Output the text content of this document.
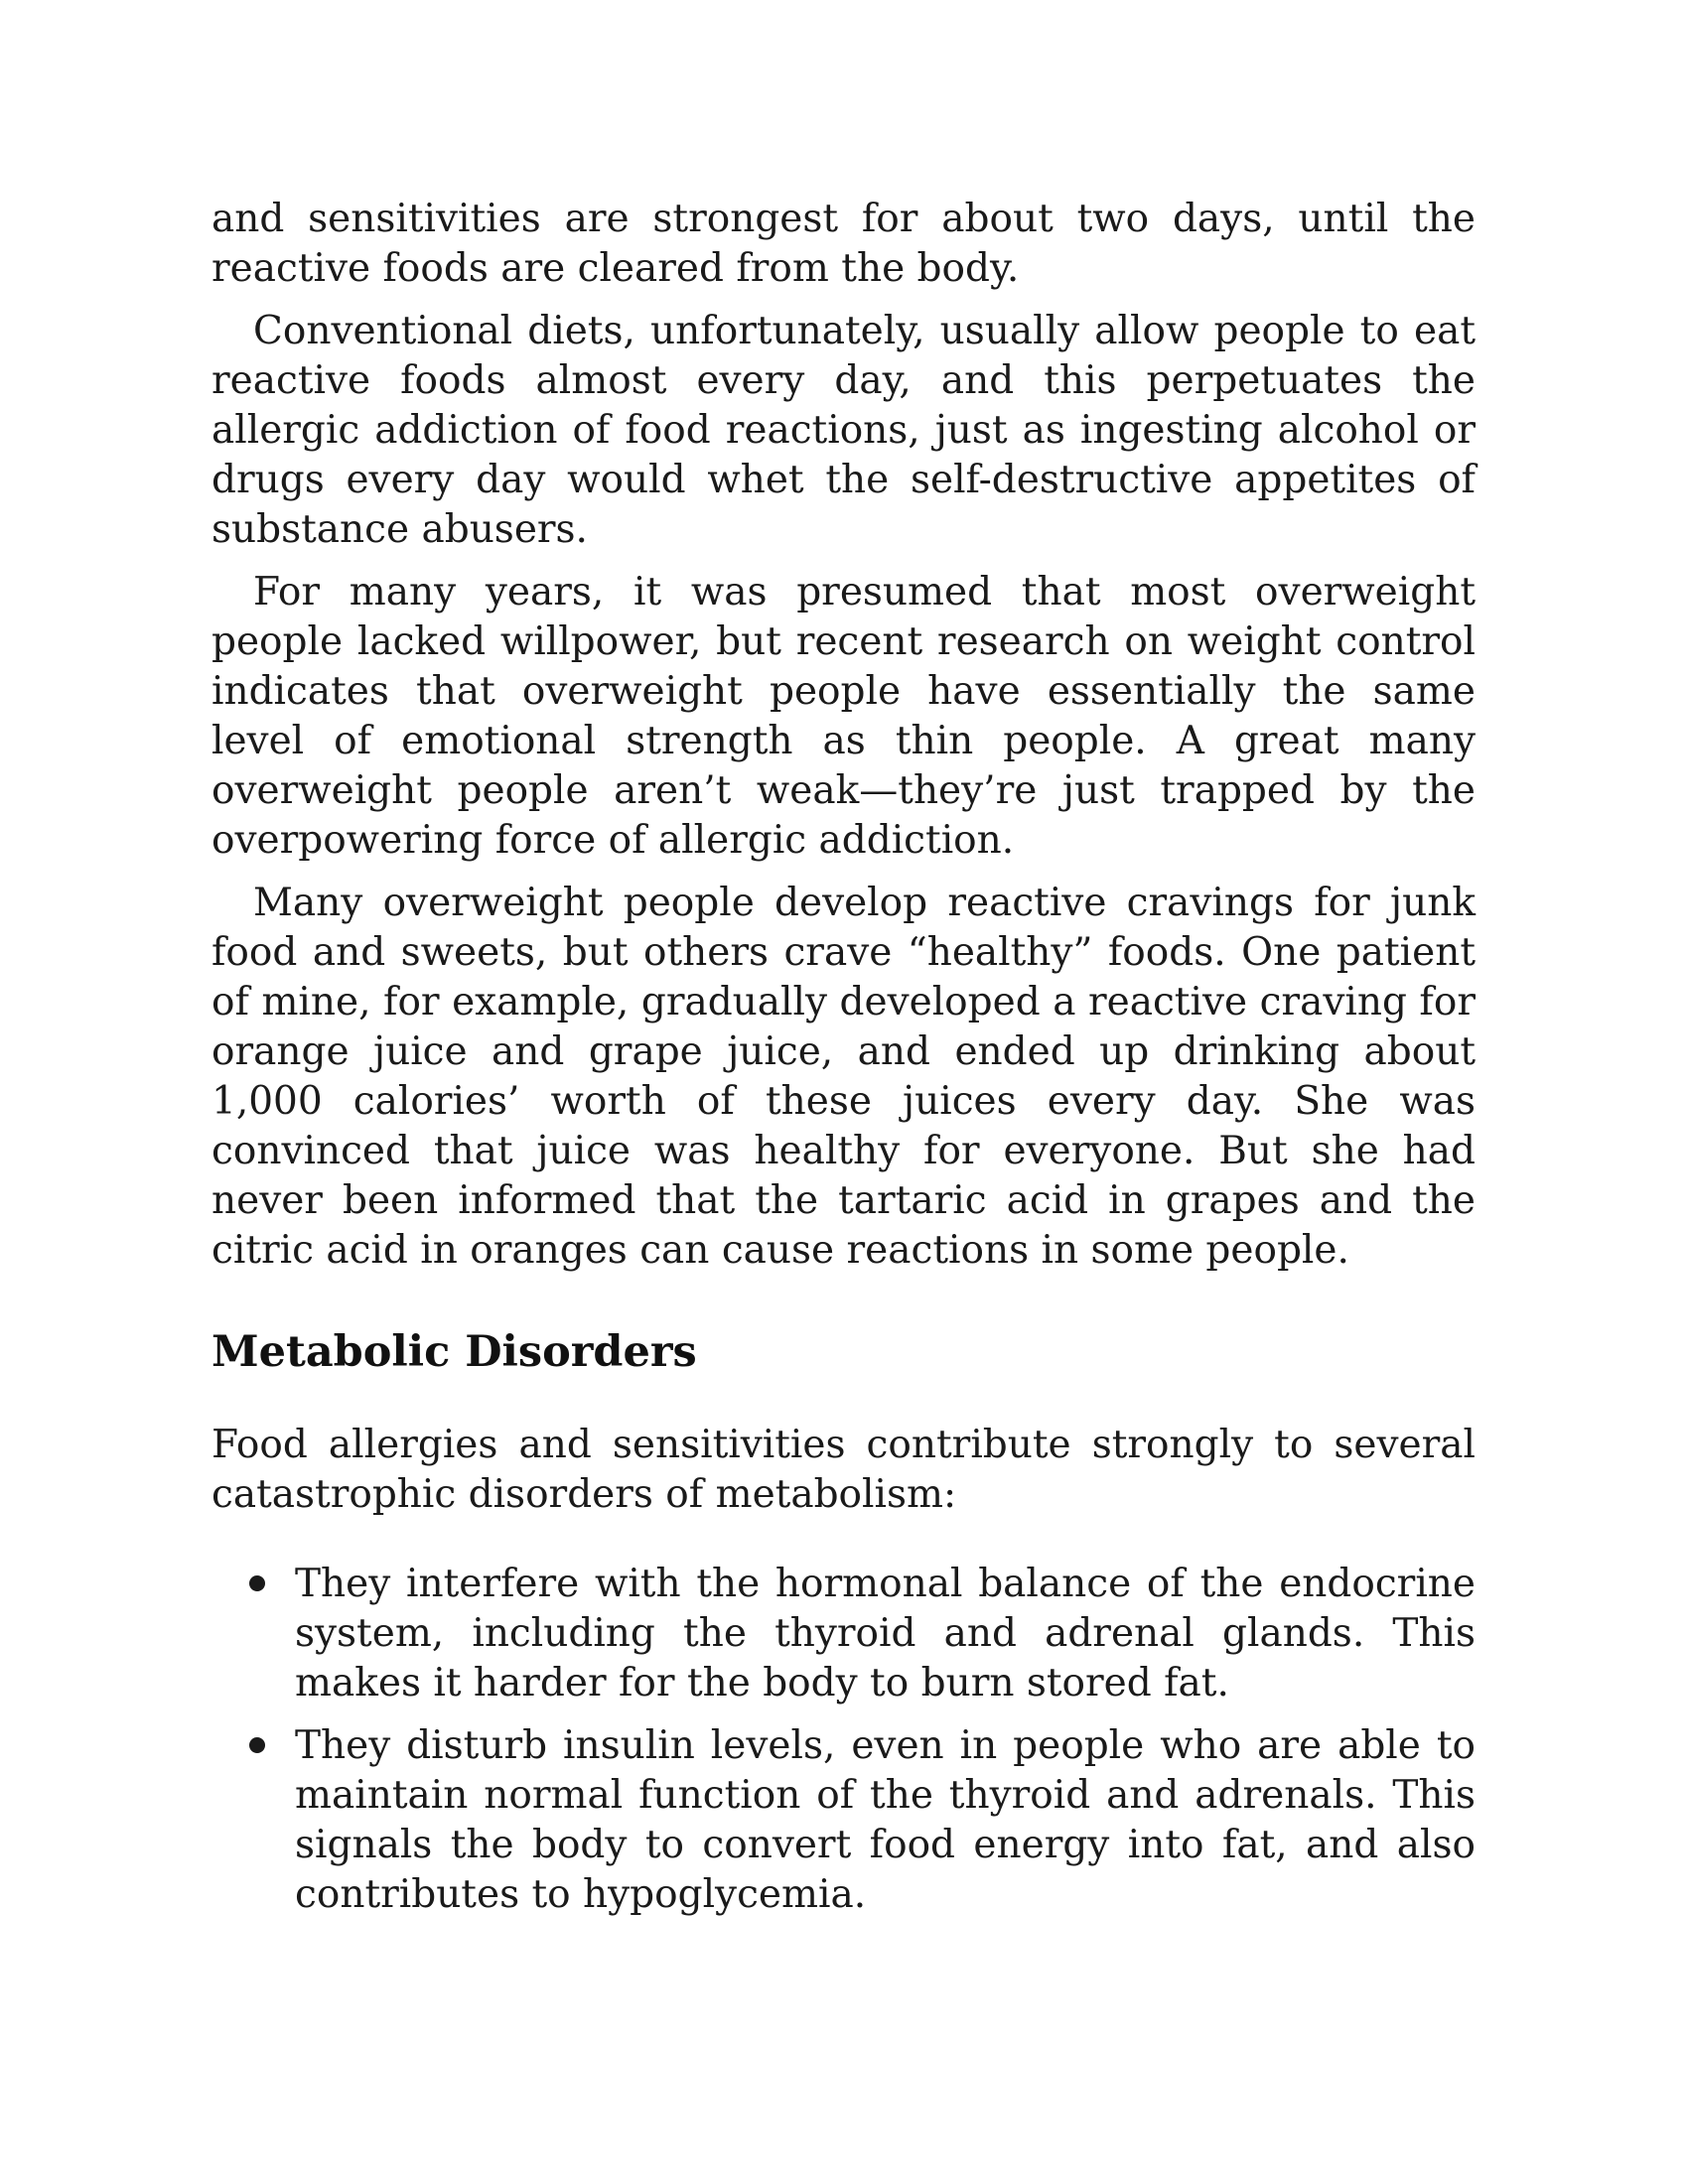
and sensitivities are strongest for about two days, until the reactive foods are cleared from the body.

Conventional diets, unfortunately, usually allow people to eat reactive foods almost every day, and this perpetuates the allergic addiction of food reactions, just as ingesting alcohol or drugs every day would whet the self-destructive appetites of substance abusers.

For many years, it was presumed that most overweight people lacked willpower, but recent research on weight control indicates that overweight people have essentially the same level of emotional strength as thin people. A great many overweight people aren’t weak—they’re just trapped by the overpowering force of allergic addiction.

Many overweight people develop reactive cravings for junk food and sweets, but others crave “healthy” foods. One patient of mine, for example, gradually developed a reactive craving for orange juice and grape juice, and ended up drinking about 1,000 calories’ worth of these juices every day. She was convinced that juice was healthy for everyone. But she had never been informed that the tartaric acid in grapes and the citric acid in oranges can cause reactions in some people.

Metabolic Disorders

Food allergies and sensitivities contribute strongly to several catastrophic disorders of metabolism:

They interfere with the hormonal balance of the endocrine system, including the thyroid and adrenal glands. This makes it harder for the body to burn stored fat.

They disturb insulin levels, even in people who are able to maintain normal function of the thyroid and adrenals. This signals the body to convert food energy into fat, and also contributes to hypoglycemia.
